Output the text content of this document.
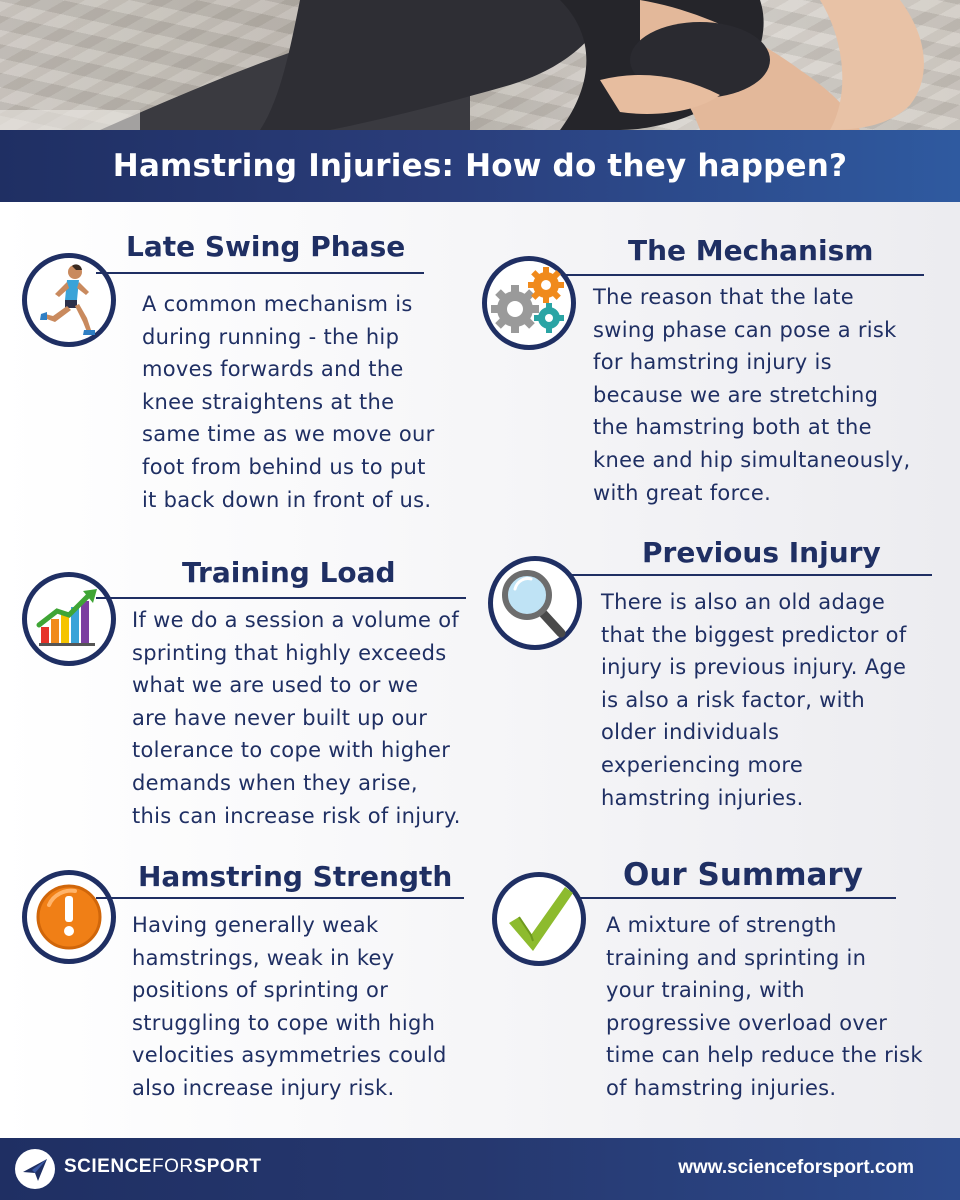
Hamstring Injuries: How do they happen?
Late Swing Phase
A common mechanism is
during running - the hip
moves forwards and the
knee straightens at the
same time as we move our
foot from behind us to put
it back down in front of us.
The Mechanism
The reason that the late
swing phase can pose a risk
for hamstring injury is
because we are stretching
the hamstring both at the
knee and hip simultaneously,
with great force.
Training Load
If we do a session a volume of
sprinting that highly exceeds
what we are used to or we
are have never built up our
tolerance to cope with higher
demands when they arise,
this can increase risk of injury.
Previous Injury
There is also an old adage
that the biggest predictor of
injury is previous injury. Age
is also a risk factor, with
older individuals
experiencing more
hamstring injuries.
Hamstring Strength
Having generally weak
hamstrings, weak in key
positions of sprinting or
struggling to cope with high
velocities asymmetries could
also increase injury risk.
Our Summary
A mixture of strength
training and sprinting in
your training, with
progressive overload over
time can help reduce the risk
of hamstring injuries.
SCIENCEFORSPORT	www.scienceforsport.com
